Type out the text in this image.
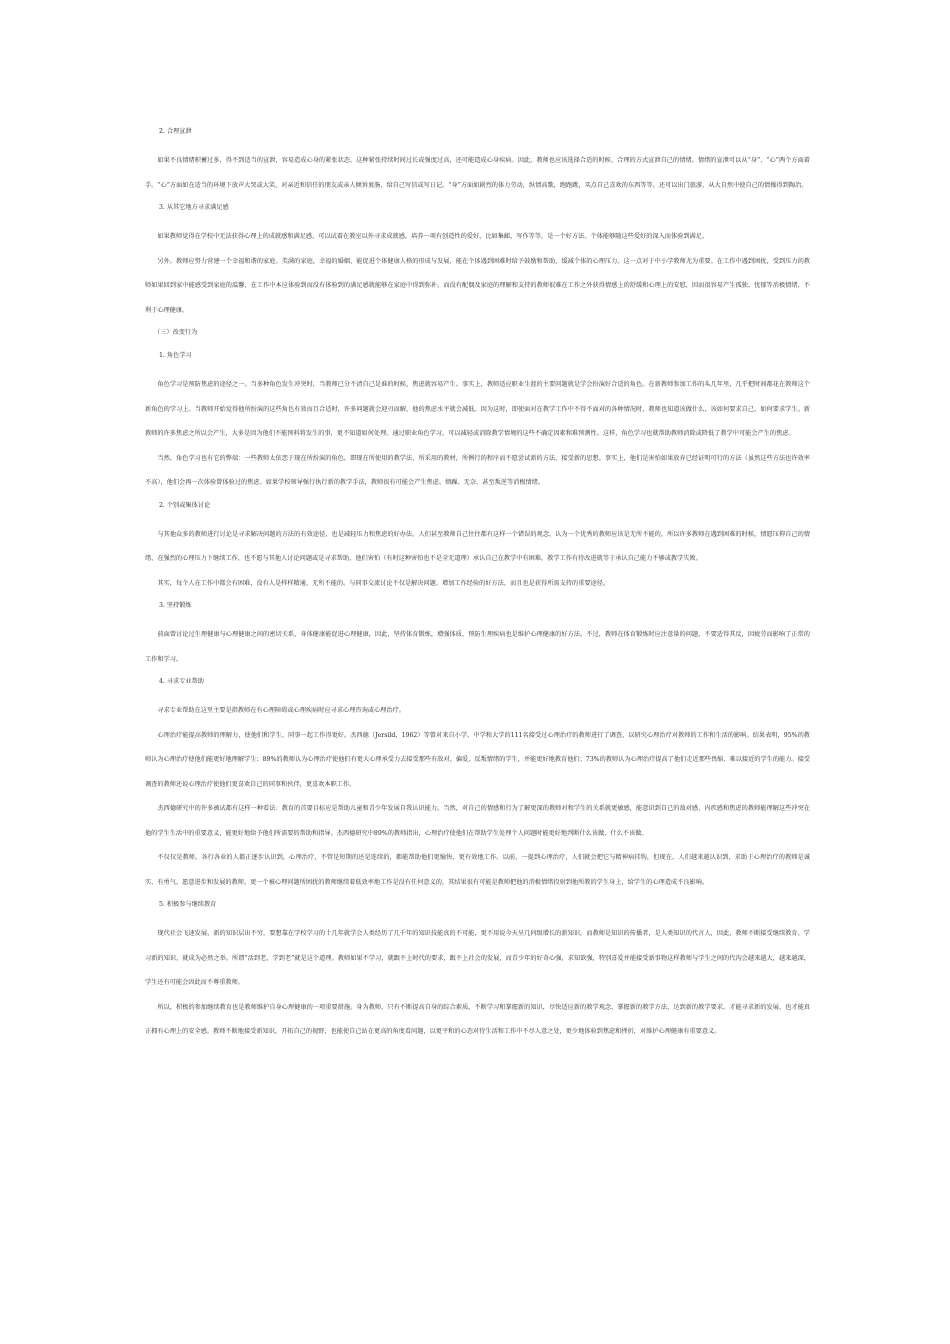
2. 合理宣泄

如果不良情绪积蓄过多，得不到适当的宣泄，容易造成心身的紧张状态，这种紧张持续时间过长或强度过高，还可能造成心身疾病。因此，教师也应该选择合适的时候、合理的方式宣泄自己的情绪。情绪的宣泄可以从“身”、“心”两个方面着手。“心”方面如在适当的环境下放声大哭或大笑，对亲近和信任的朋友或亲人倾诉衷肠，给自己写信或写日记。“身”方面如剧烈的体力劳动，纵情高歌，跑跑跳，买点自己喜欢的东西等等。还可以出门旅游，从大自然中使自己的情操得到陶冶。

3. 从其它地方寻求满足感

如果教师觉得在学校中无法获得心理上的成就感和满足感，可以试着在教室以外寻求成就感，培养一项有创造性的爱好，比如集邮，写作等等，是一个好方法。个体能够随这些爱好的深入而体验到满足。

另外，教师应努力营建一个幸福和谐的家庭。美满的家庭，幸福的婚姻，能促进个体健康人格的形成与发展，能在个体遇到困难时给予鼓励和帮助，缓减个体的心理压力。这一点对于中小学教师尤为重要。在工作中遇到困扰，受到压力的教师如果回到家中能感受到家庭的温馨，在工作中本应体验到而没有体验到的满足感就能够在家庭中得到弥补。而没有配偶及家庭的理解和支持的教师很难在工作之外获得情感上的舒缓和心理上的安慰，因而很容易产生孤独、忧郁等消极情绪，不利于心理健康。

（三）改变行为

1. 角色学习

角色学习是预防焦虑的途径之一。当多种角色发生冲突时，当教师已分不清自己是谁的时候，焦虑就容易产生。事实上，教师适应职业生涯的主要问题就是学会扮演好合适的角色。在新教师参加工作的头几年里，几乎把时间都花在教师这个新角色的学习上。当教师开始觉得他所扮演的这些角色有效而且合适时，许多问题就会迎刃而解，他的焦虑水平就会减低。因为这时，即使面对在教学工作中不得不面对的各种情况时，教师也知道该做什么，该如何要求自己，如何要求学生。新教师的许多焦虑之所以会产生，大多是因为他们不能预料将发生的事，更不知道如何处理。通过职业角色学习，可以减轻或消除教学情境的这些不确定因素和难预测性。这样，角色学习也就帮助教师消除或降低了教学中可能会产生的焦虑。

当然，角色学习也有它的弊端：一些教师太依恋于现在所扮演的角色，即现在所使用的教学法，所采用的教材，所例行的程序而不愿尝试新的方法，接受新的思想。事实上，他们是害怕如果放弃已经证明可行的方法（虽然这些方法也许效率不高），他们会再一次体验曾体验过的焦虑。如果学校领导强行执行新的教学手法，教师很有可能会产生焦虑、烦躁、无奈、甚至叛逆等消极情绪。

2. 个别或集体讨论

与其他众多的教师进行讨论是寻求解决问题的方法的有效途径，也是减轻压力和焦虑的好办法。人们甚至教师自己往往都有这样一个错误的观念，认为一个优秀的教师应该是无所不能的，所以许多教师在遇到困难的时候，情愿压抑自己的情绪，在强烈的心理压力下继续工作，也不愿与其他人讨论问题或是寻求帮助，他们害怕（有时这种害怕也不是全无道理）承认自己在教学中有困难，教学工作有待改进就等于承认自己能力不够或教学失败。

其实，每个人在工作中都会有困难，没有人是样样精通、无所不能的。与同事交流讨论不仅是解决问题、增加工作经验的好方法，而且也是获得所需支持的重要途径。

3. 坚持锻炼

前面曾讨论过生理健康与心理健康之间的密切关系，身体健康能促进心理健康，因此，坚持体育锻炼，增强体质，预防生理疾病也是维护心理健康的好方法。不过，教师在体育锻炼时应注意量的问题，不要适得其反，因疲劳而影响了正常的工作和学习。

4. 寻求专业帮助

寻求专业帮助在这里主要是指教师在有心理障碍或心理疾病时应寻求心理咨询或心理治疗。

心理治疗能提高教师的理解力，使他们和学生、同事一起工作得更好。杰西德（Jersild，1962）等曾对来自小学、中学和大学的111名接受过心理治疗的教师进行了调查，以研究心理治疗对教师的工作和生活的影响。结果表明，95%的教师认为心理治疗使他们能更好地理解学生；89%的教师认为心理治疗使他们有更大心理承受力去接受那些有敌对、偏爱、反叛情绪的学生，并能更好地教育他们；73%的教师认为心理治疗提高了他们走近那些畏缩、难以接近的学生的能力。接受调查的教师还说心理治疗使他们更喜欢自己的同事和伙伴，更喜欢本职工作。

杰西德研究中的许多被试都有这样一种看法：教育的首要目标应是帮助儿童和青少年发展自我认识能力。当然，对自己的情感和行为了解更深的教师对和学生的关系就更敏感，能意识到自己的敌对感、内疚感和焦虑的教师能理解这些冲突在他的学生生活中的重要意义，能更好地给予他们所需要的帮助和指导。杰西德研究中89%的教师指出，心理治疗使他们在帮助学生处理个人问题时能更好地判断什么该做、什么不该做。

不仅仅是教师，各行各业的人都正逐步认识到，心理治疗，不管是短期的还是连续的，都能帮助他们更愉快、更有效地工作。以前，一提到心理治疗，人们就会把它与精神病挂钩，但现在，人们越来越认识到，求助于心理治疗的教师是诚实、有勇气、愿意进步和发展的教师，更一个被心理问题所困扰的教师继续着低效率地工作是没有任何意义的，其结果很有可能是教师把他的消极情绪投射到他所教的学生身上，给学生的心理造成不良影响。

5. 积极参与继续教育

现代社会飞速发展，新的知识层出不穷，要想靠在学校学习的十几年就学会人类经历了几千年的知识技能真的不可能，更不用说今天呈几何级增长的新知识。而教师是知识的传播者，是人类知识的代言人，因此，教师不断接受继续教育、学习新的知识，就成为必然之举。所谓“活到老，学到老”就是这个道理。教师如果不学习，就跟不上时代的要求，跟不上社会的发展，而青少年的好奇心强，求知欲强，特别喜爱并能接受新事物这样教师与学生之间的代沟会越来越大，越来越深，学生还有可能会因此而不尊重教师。

所以，积极的参加继续教育也是教师维护自身心理健康的一项重要措施。身为教师，只有不断提高自身的综合素质，不断学习和掌握新的知识，尽快适应新的教学观念，掌握新的教学方法，达到新的教学要求，才能寻求新的发展，也才能真正拥有心理上的安全感。教师不断地接受新知识，开拓自己的视野，也能使自己站在更高的角度看问题，以更平和的心态对待生活和工作中不尽人意之处，更少地体验到焦虑和挫折，对维护心理健康有重要意义。
